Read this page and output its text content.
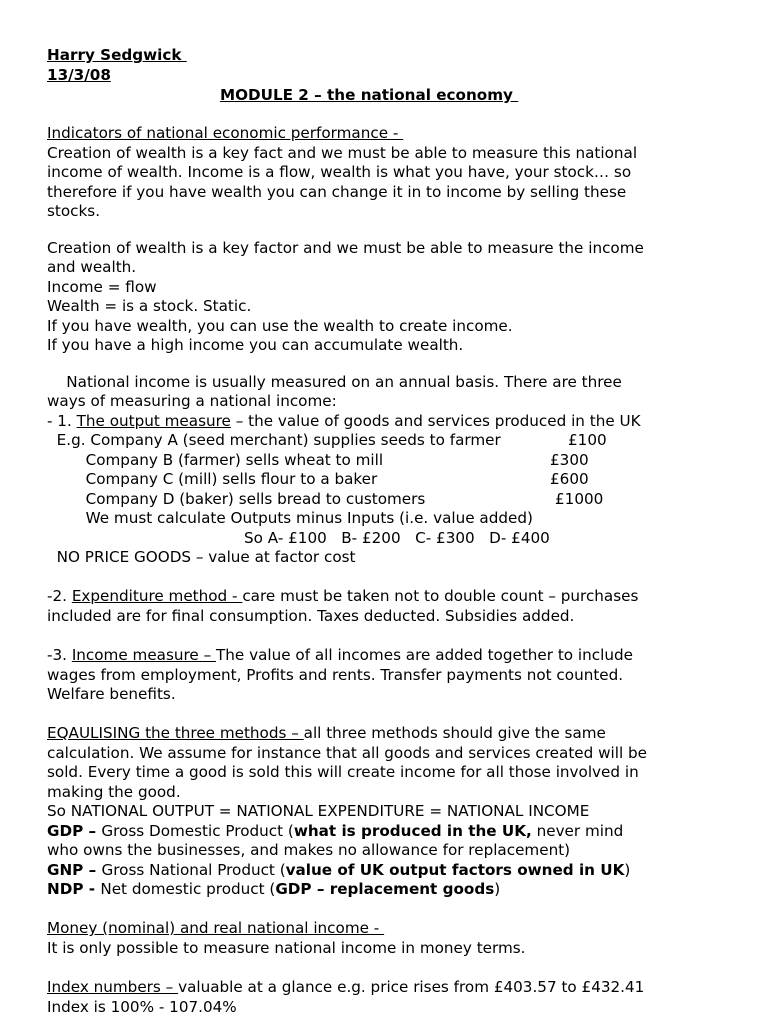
Harry Sedgwick
13/3/08
MODULE 2 – the national economy
Indicators of national economic performance -
Creation of wealth is a key fact and we must be able to measure this national
income of wealth. Income is a flow, wealth is what you have, your stock… so
therefore if you have wealth you can change it in to income by selling these
stocks.
Creation of wealth is a key factor and we must be able to measure the income
and wealth.
Income = flow
Wealth = is a stock. Static.
If you have wealth, you can use the wealth to create income.
If you have a high income you can accumulate wealth.
National income is usually measured on an annual basis. There are three
ways of measuring a national income:
- 1. The output measure – the value of goods and services produced in the UK
E.g. Company A (seed merchant) supplies seeds to farmer	£100
Company B (farmer) sells wheat to mill	£300
Company C (mill) sells flour to a baker	£600
Company D (baker) sells bread to customers	£1000
We must calculate Outputs minus Inputs (i.e. value added)
So A- £100   B- £200   C- £300   D- £400
NO PRICE GOODS – value at factor cost
-2. Expenditure method - care must be taken not to double count – purchases
included are for final consumption. Taxes deducted. Subsidies added.
-3. Income measure – The value of all incomes are added together to include
wages from employment, Profits and rents. Transfer payments not counted.
Welfare benefits.
EQAULISING the three methods – all three methods should give the same
calculation. We assume for instance that all goods and services created will be
sold. Every time a good is sold this will create income for all those involved in
making the good.
So NATIONAL OUTPUT = NATIONAL EXPENDITURE = NATIONAL INCOME
GDP – Gross Domestic Product (what is produced in the UK, never mind
who owns the businesses, and makes no allowance for replacement)
GNP – Gross National Product (value of UK output factors owned in UK)
NDP - Net domestic product (GDP – replacement goods)
Money (nominal) and real national income -
It is only possible to measure national income in money terms.
Index numbers – valuable at a glance e.g. price rises from £403.57 to £432.41
Index is 100% - 107.04%
